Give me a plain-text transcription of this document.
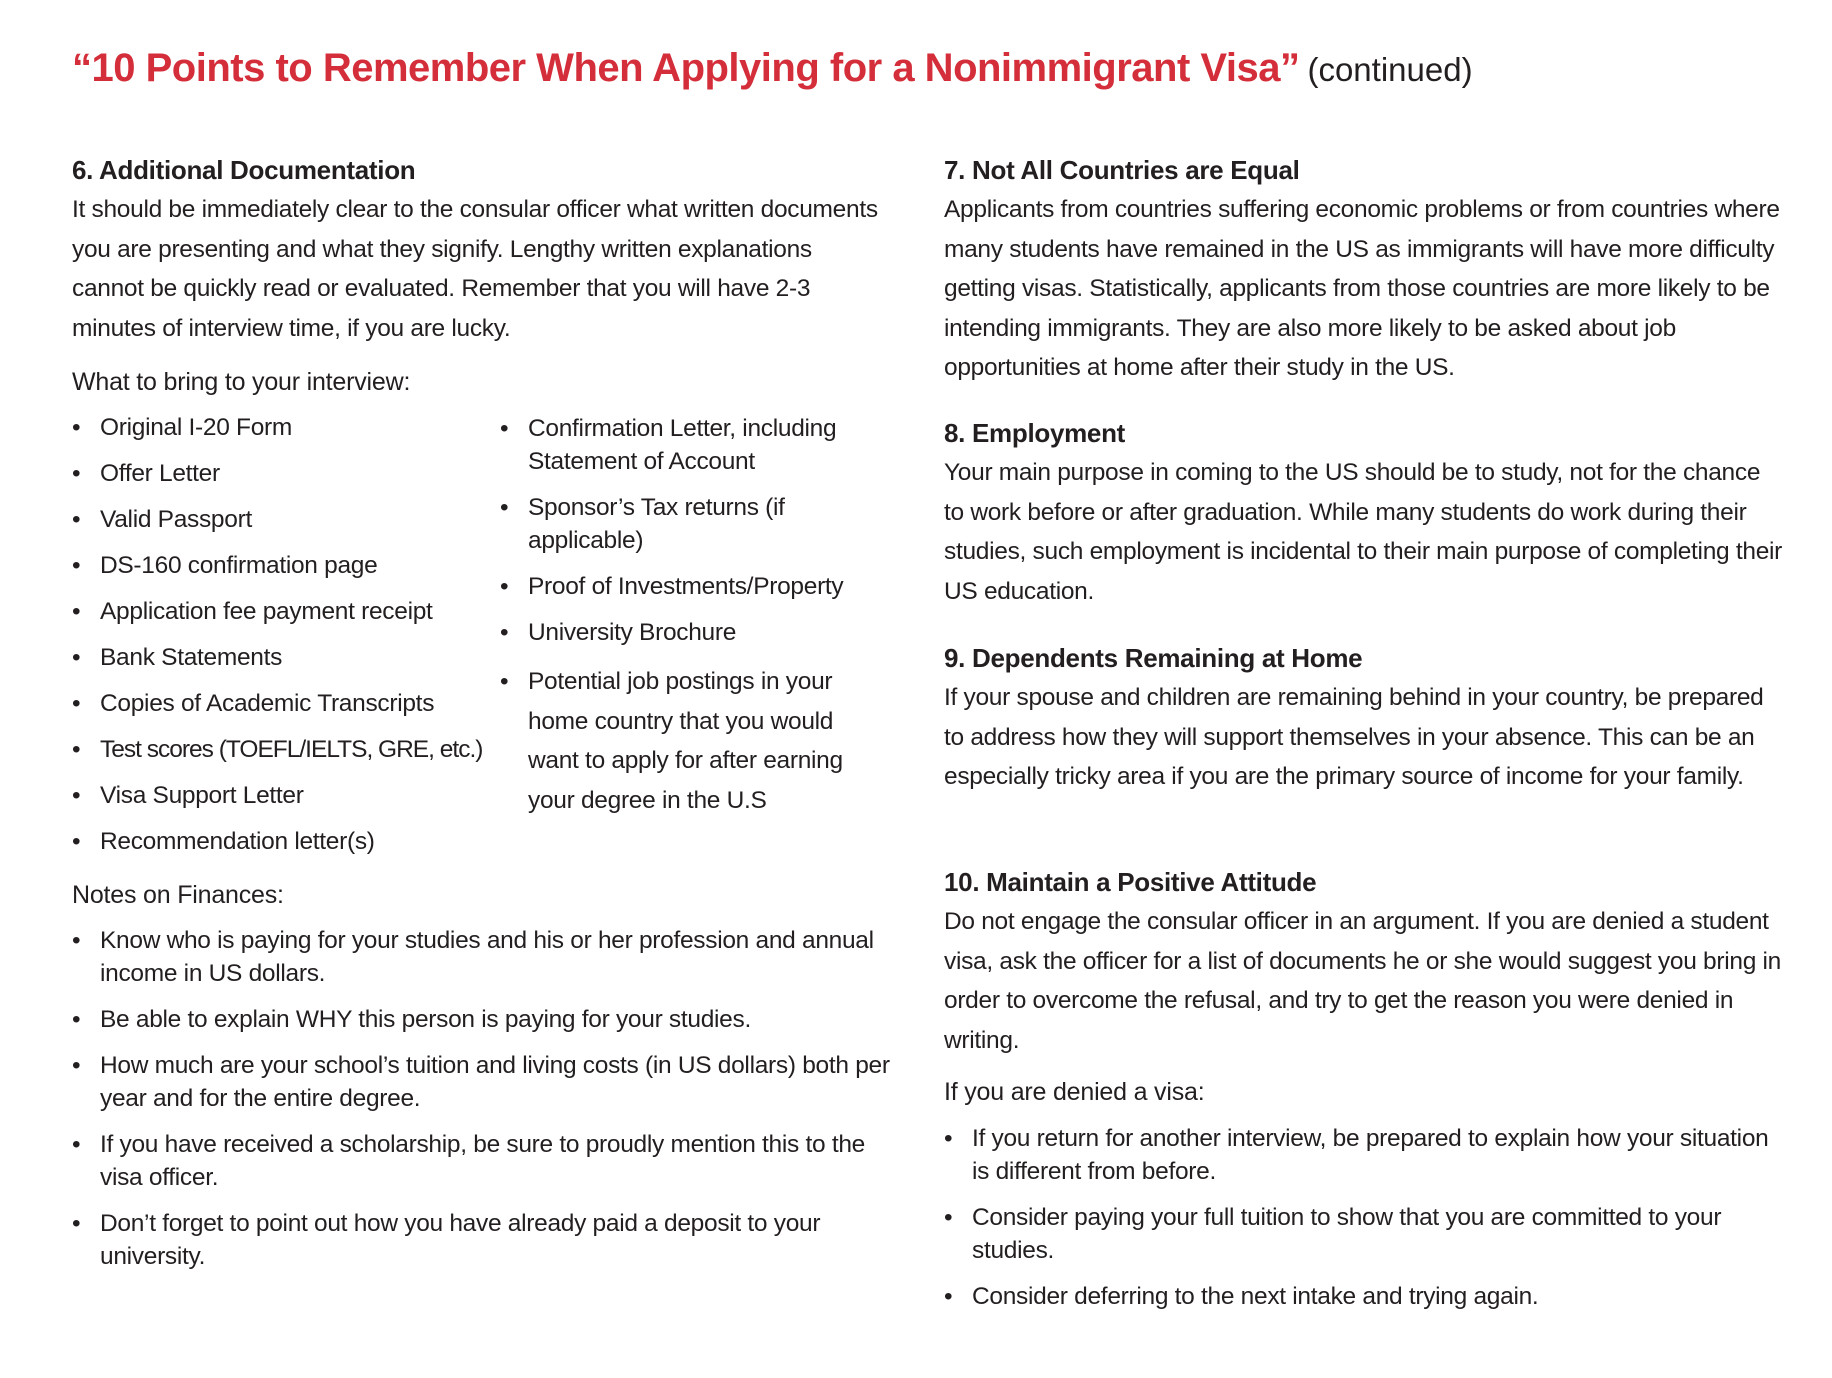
“10 Points to Remember When Applying for a Nonimmigrant Visa” (continued)
6. Additional Documentation

It should be immediately clear to the consular officer what written documents you are presenting and what they signify. Lengthy written explanations cannot be quickly read or evaluated. Remember that you will have 2-3 minutes of interview time, if you are lucky.

What to bring to your interview:
• Original I-20 Form
• Offer Letter
• Valid Passport
• DS-160 confirmation page
• Application fee payment receipt
• Bank Statements
• Copies of Academic Transcripts
• Test scores (TOEFL/IELTS, GRE, etc.)
• Visa Support Letter
• Recommendation letter(s)
• Confirmation Letter, including Statement of Account
• Sponsor’s Tax returns (if applicable)
• Proof of Investments/Property
• University Brochure
• Potential job postings in your home country that you would want to apply for after earning your degree in the U.S
Notes on Finances:
• Know who is paying for your studies and his or her profession and annual income in US dollars.
• Be able to explain WHY this person is paying for your studies.
• How much are your school’s tuition and living costs (in US dollars) both per year and for the entire degree.
• If you have received a scholarship, be sure to proudly mention this to the visa officer.
• Don’t forget to point out how you have already paid a deposit to your university.
7. Not All Countries are Equal

Applicants from countries suffering economic problems or from countries where many students have remained in the US as immigrants will have more difficulty getting visas. Statistically, applicants from those countries are more likely to be intending immigrants. They are also more likely to be asked about job opportunities at home after their study in the US.

8. Employment

Your main purpose in coming to the US should be to study, not for the chance to work before or after graduation. While many students do work during their studies, such employment is incidental to their main purpose of completing their US education.

9. Dependents Remaining at Home

If your spouse and children are remaining behind in your country, be prepared to address how they will support themselves in your absence. This can be an especially tricky area if you are the primary source of income for your family.

10. Maintain a Positive Attitude

Do not engage the consular officer in an argument. If you are denied a student visa, ask the officer for a list of documents he or she would suggest you bring in order to overcome the refusal, and try to get the reason you were denied in writing.

If you are denied a visa:
• If you return for another interview, be prepared to explain how your situation is different from before.
• Consider paying your full tuition to show that you are committed to your studies.
• Consider deferring to the next intake and trying again.
